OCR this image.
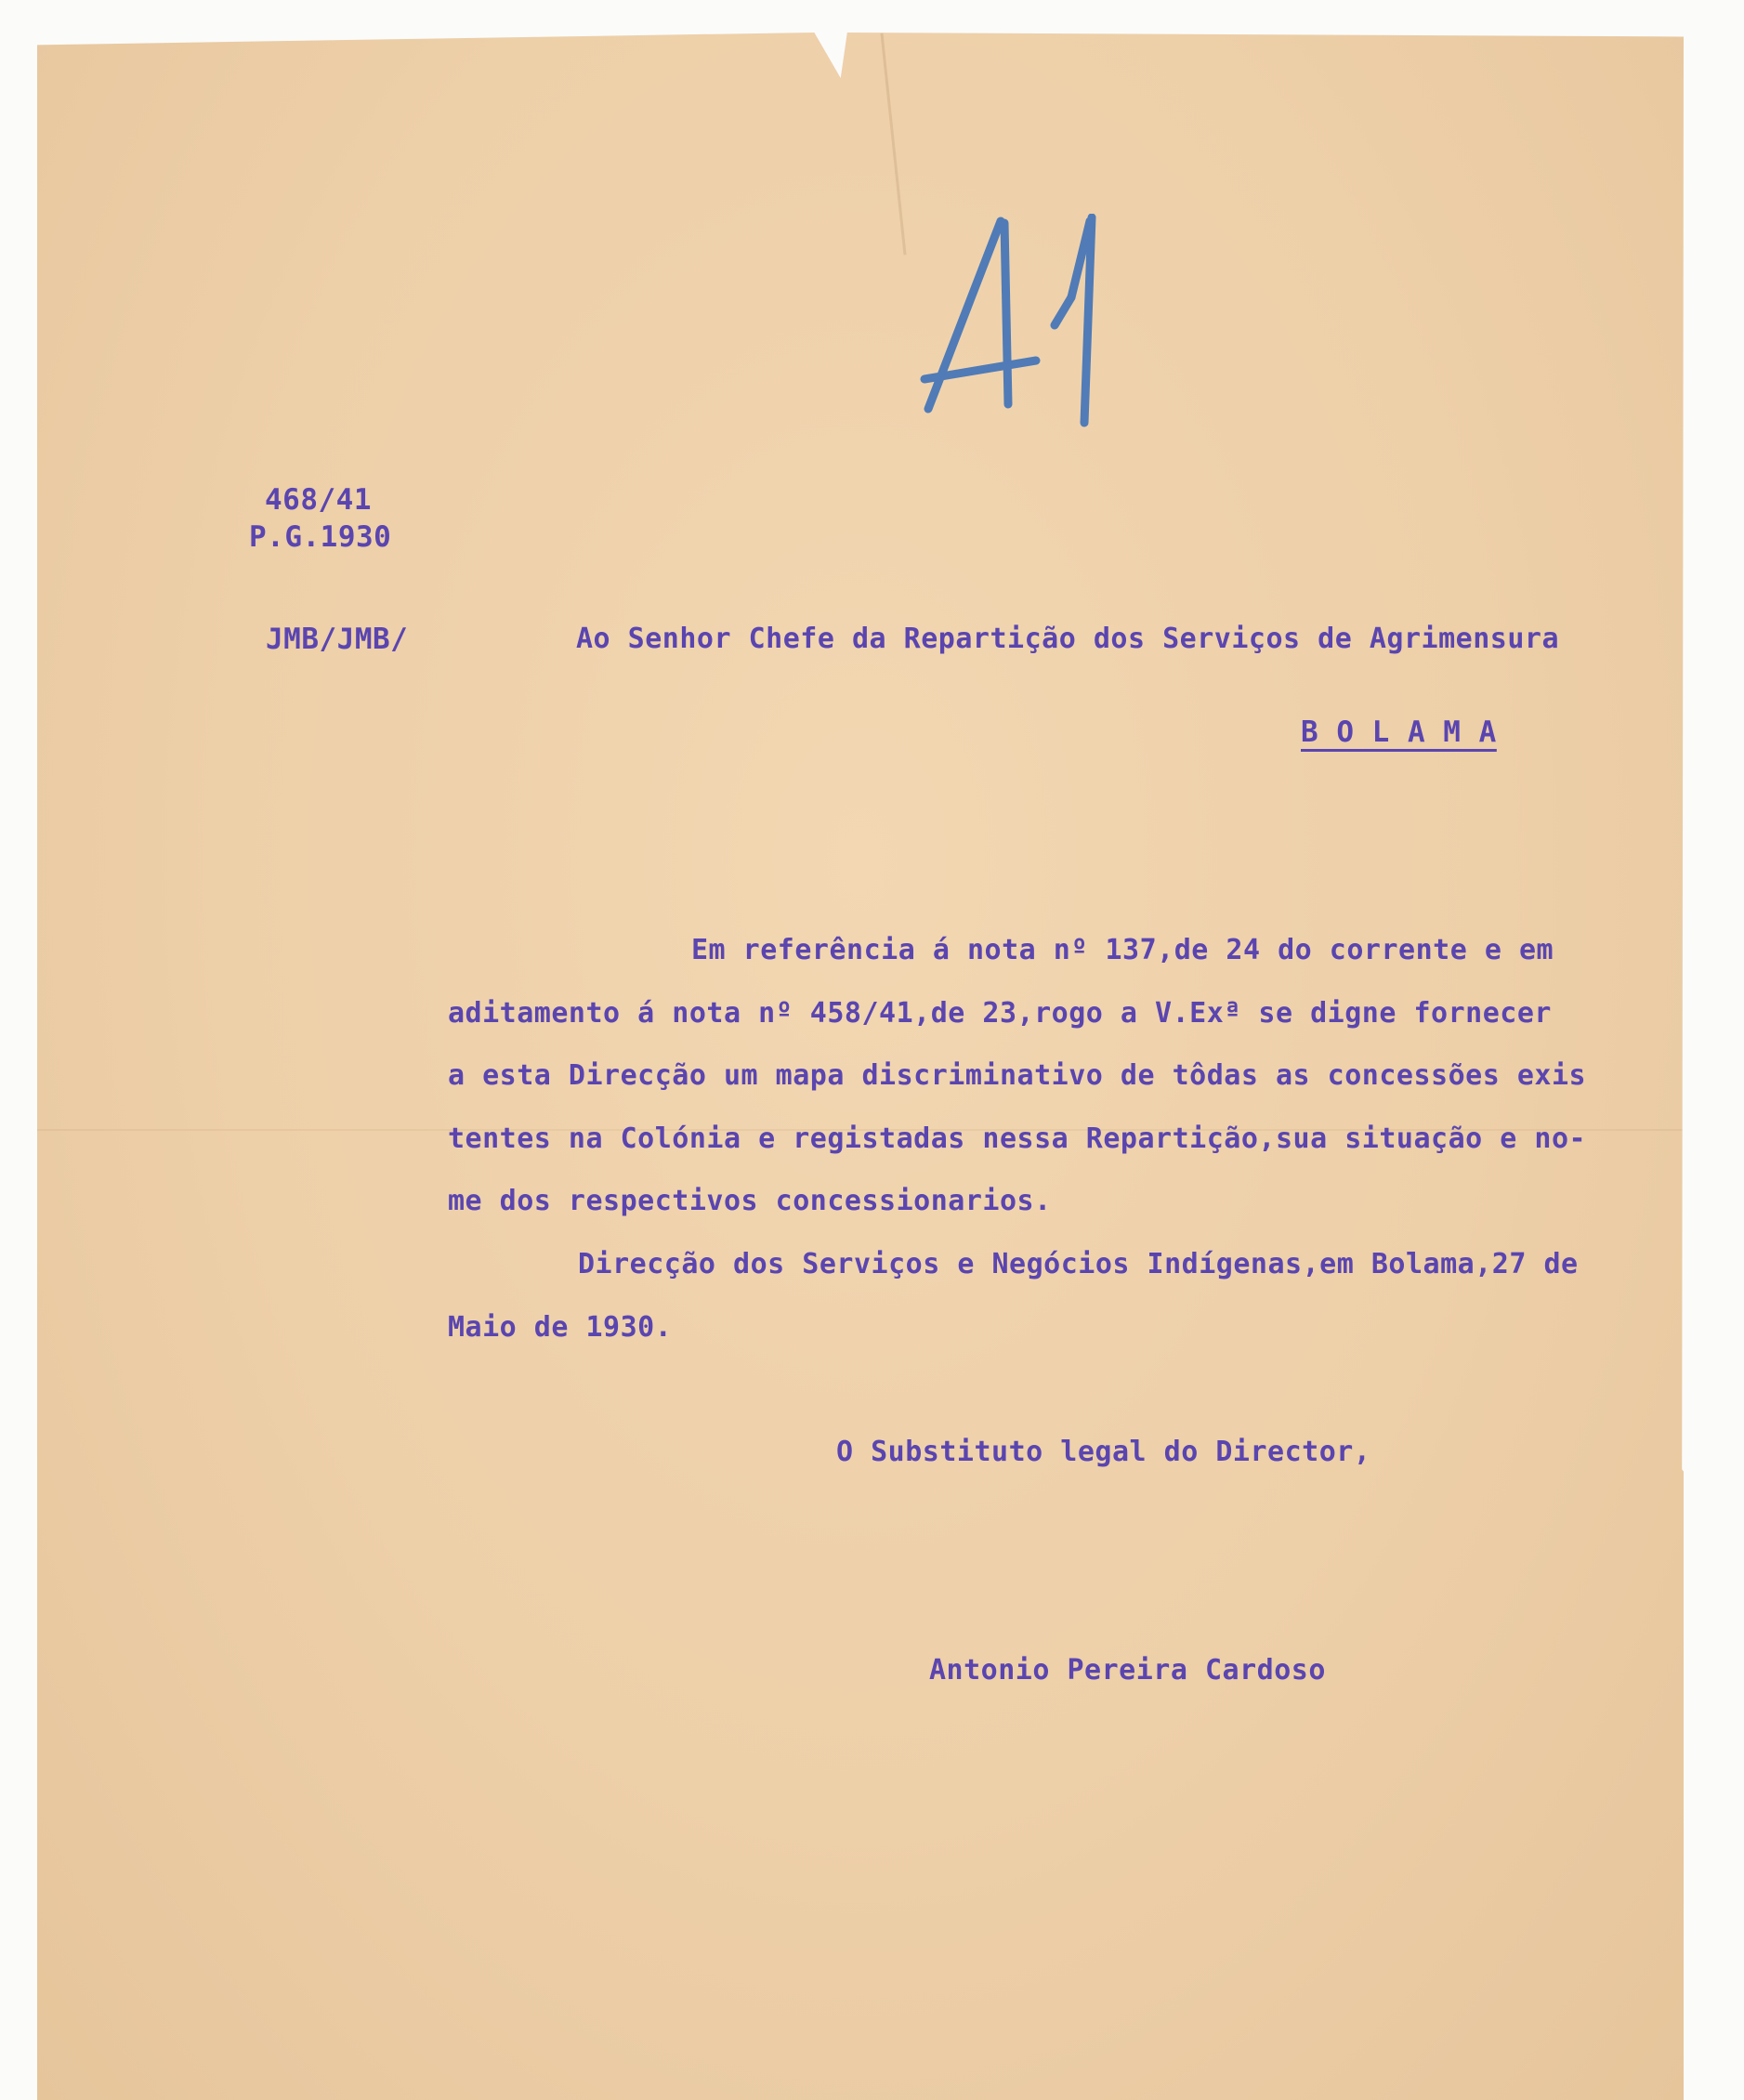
468/41
P.G.1930
JMB/JMB/	Ao Senhor Chefe da Repartição dos Serviços de Agrimensura
B O L A M A
Em referência á nota nº 137,de 24 do corrente e em
aditamento á nota nº 458/41,de 23,rogo a V.Exª se digne fornecer
a esta Direcção um mapa discriminativo de tôdas as concessões exis
tentes na Colónia e registadas nessa Repartição,sua situação e no-
me dos respectivos concessionarios.
Direcção dos Serviços e Negócios Indígenas,em Bolama,27 de
Maio de 1930.
O Substituto legal do Director,
Antonio Pereira Cardoso
